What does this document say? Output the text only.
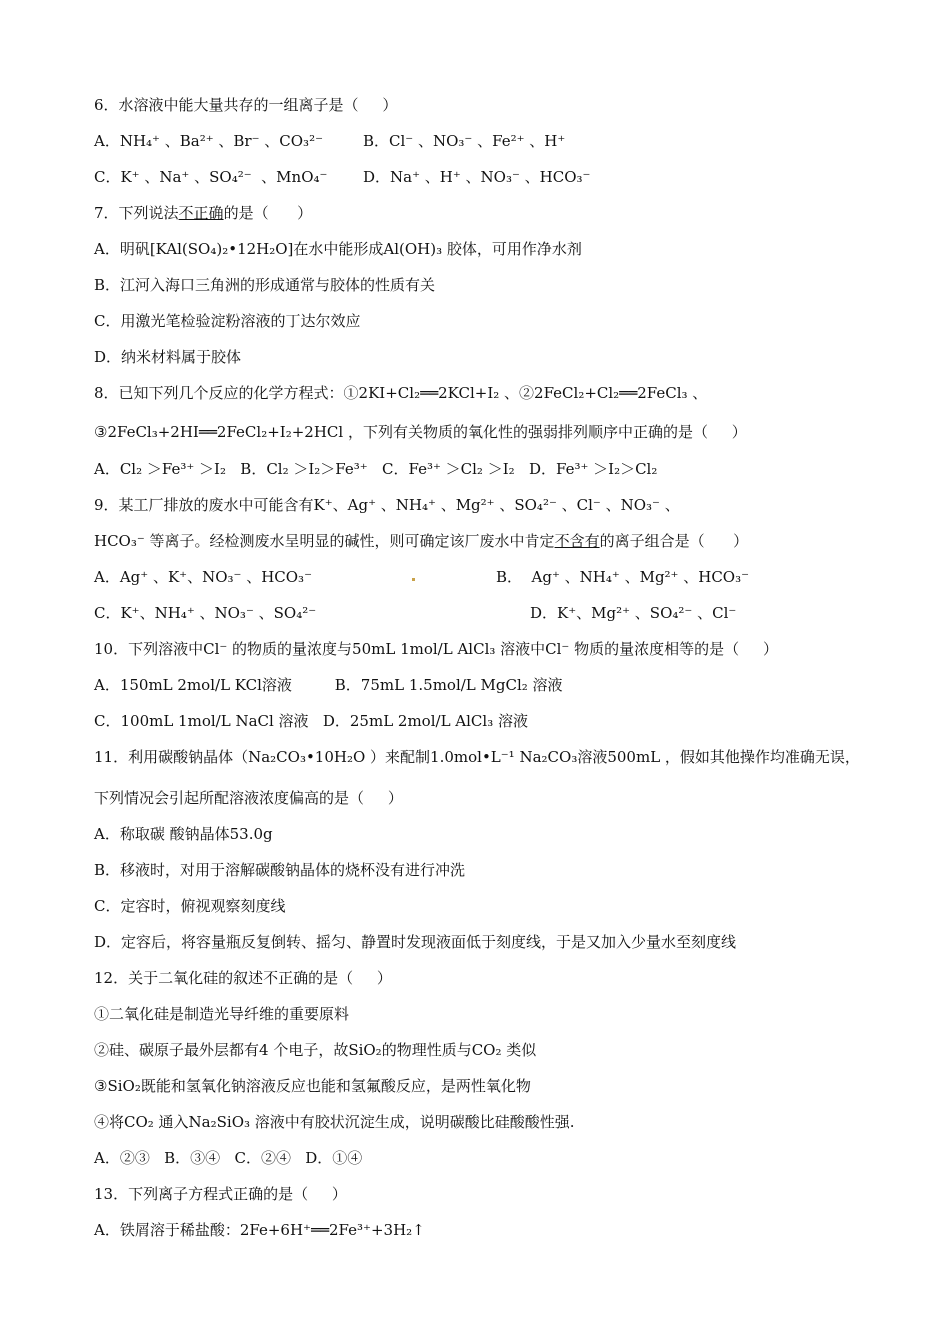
6．水溶液中能大量共存的一组离子是（     ）
A．NH₄⁺ 、Ba²⁺ 、Br⁻ 、CO₃²⁻	B．Cl⁻ 、NO₃⁻ 、Fe²⁺ 、H⁺
C．K⁺ 、Na⁺ 、SO₄²⁻  、MnO₄⁻ D．Na⁺ 、H⁺ 、NO₃⁻ 、HCO₃⁻
7．下列说法不正确的是（      ）
A．明矾[KAl(SO₄)₂•12H₂O]在水中能形成Al(OH)₃ 胶体，可用作净水剂
B．江河入海口三角洲的形成通常与胶体的性质有关
C．用激光笔检验淀粉溶液的丁达尔效应
D．纳米材料属于胶体
8．已知下列几个反应的化学方程式：①2KI+Cl₂══2KCl+I₂ 、②2FeCl₂+Cl₂══2FeCl₃ 、
③2FeCl₃+2HI══2FeCl₂+I₂+2HCl ，下列有关物质的氧化性的强弱排列顺序中正确的是（     ）
A．Cl₂ ＞Fe³⁺ ＞I₂   B．Cl₂ ＞I₂＞Fe³⁺   C．Fe³⁺ ＞Cl₂ ＞I₂   D．Fe³⁺ ＞I₂＞Cl₂
9．某工厂排放的废水中可能含有K⁺、Ag⁺ 、NH₄⁺ 、Mg²⁺ 、SO₄²⁻ 、Cl⁻ 、NO₃⁻ 、
HCO₃⁻ 等离子。经检测废水呈明显的碱性，则可确定该厂废水中肯定不含有的离子组合是（      ）
A．Ag⁺ 、K⁺、NO₃⁻ 、HCO₃⁻	B．  Ag⁺ 、NH₄⁺ 、Mg²⁺ 、HCO₃⁻
C．K⁺、NH₄⁺ 、NO₃⁻ 、SO₄²⁻	D．K⁺、Mg²⁺ 、SO₄²⁻ 、Cl⁻
10．下列溶液中Cl⁻ 的物质的量浓度与50mL 1mol/L AlCl₃ 溶液中Cl⁻ 物质的量浓度相等的是（     ）
A．150mL 2mol/L KCl溶液         B．75mL 1.5mol/L MgCl₂ 溶液
C．100mL 1mol/L NaCl 溶液   D．25mL 2mol/L AlCl₃ 溶液
11．利用碳酸钠晶体（Na₂CO₃•10H₂O ）来配制1.0mol•L⁻¹ Na₂CO₃溶液500mL ，假如其他操作均准确无误，
下列情况会引起所配溶液浓度偏高的是（     ）
A．称取碳 酸钠晶体53.0g
B．移液时，对用于溶解碳酸钠晶体的烧杯没有进行冲洗
C．定容时，俯视观察刻度线
D．定容后，将容量瓶反复倒转、摇匀、静置时发现液面低于刻度线，于是又加入少量水至刻度线
12．关于二氧化硅的叙述不正确的是（     ）
①二氧化硅是制造光导纤维的重要原料
②硅、碳原子最外层都有4 个电子，故SiO₂的物理性质与CO₂ 类似
③SiO₂既能和氢氧化钠溶液反应也能和氢氟酸反应，是两性氧化物
④将CO₂ 通入Na₂SiO₃ 溶液中有胶状沉淀生成，说明碳酸比硅酸酸性强.
A．②③   B．③④   C．②④   D．①④
13．下列离子方程式正确的是（     ）
A．铁屑溶于稀盐酸：2Fe+6H⁺══2Fe³⁺+3H₂↑
